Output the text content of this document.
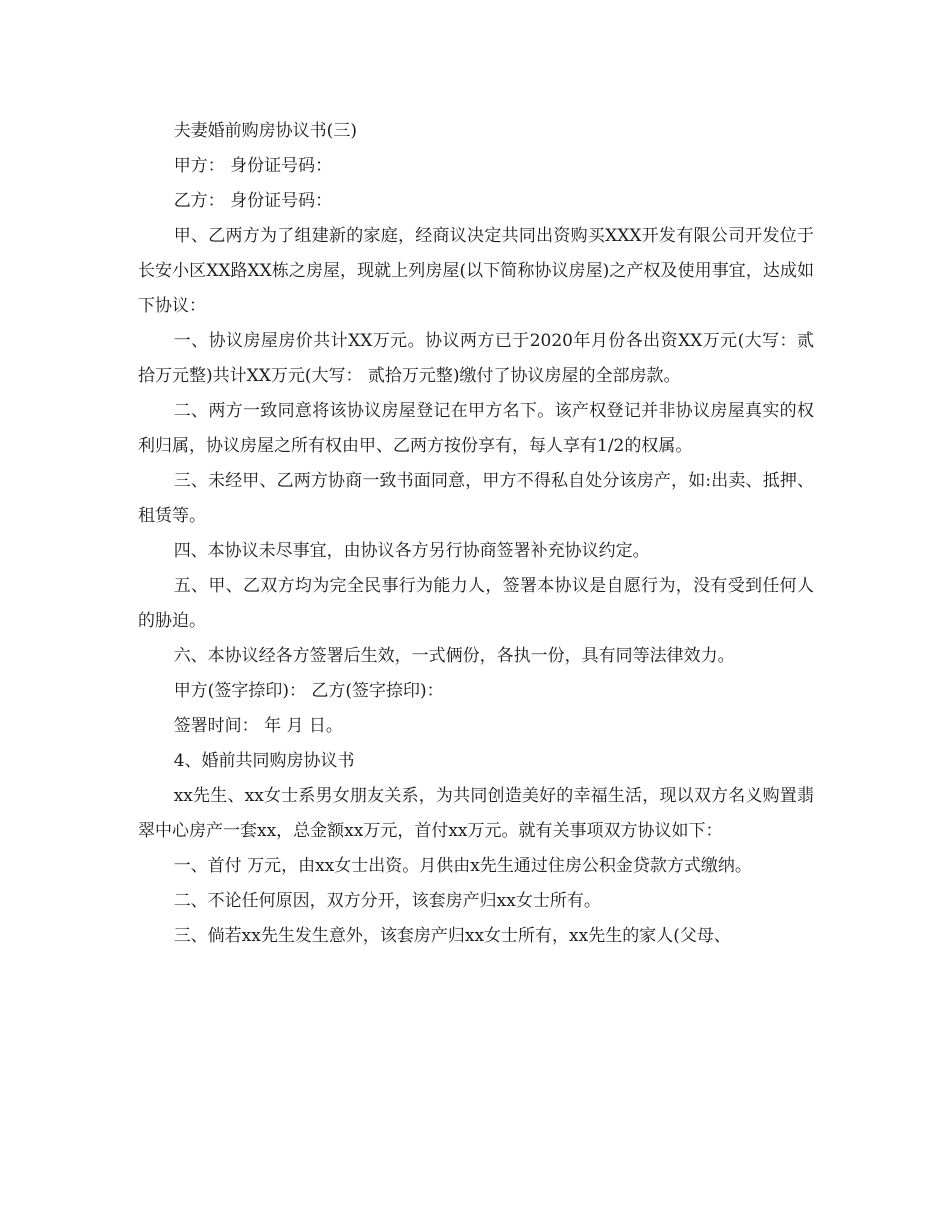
夫妻婚前购房协议书(三)

甲方： 身份证号码：

乙方： 身份证号码：

甲、乙两方为了组建新的家庭，经商议决定共同出资购买XXX开发有限公司开发位于长安小区XX路XX栋之房屋，现就上列房屋(以下简称协议房屋)之产权及使用事宜，达成如下协议：

一、协议房屋房价共计XX万元。协议两方已于2020年月份各出资XX万元(大写：贰拾万元整)共计XX万元(大写： 贰拾万元整)缴付了协议房屋的全部房款。

二、两方一致同意将该协议房屋登记在甲方名下。该产权登记并非协议房屋真实的权利归属，协议房屋之所有权由甲、乙两方按份享有，每人享有1/2的权属。

三、未经甲、乙两方协商一致书面同意，甲方不得私自处分该房产，如:出卖、抵押、租赁等。

四、本协议未尽事宜，由协议各方另行协商签署补充协议约定。

五、甲、乙双方均为完全民事行为能力人，签署本协议是自愿行为，没有受到任何人的胁迫。

六、本协议经各方签署后生效，一式俩份，各执一份，具有同等法律效力。

甲方(签字捺印)： 乙方(签字捺印)：

签署时间： 年 月 日。

4、婚前共同购房协议书

xx先生、xx女士系男女朋友关系，为共同创造美好的幸福生活，现以双方名义购置翡翠中心房产一套xx，总金额xx万元，首付xx万元。就有关事项双方协议如下：

一、首付 万元，由xx女士出资。月供由x先生通过住房公积金贷款方式缴纳。

二、不论任何原因，双方分开，该套房产归xx女士所有。

三、倘若xx先生发生意外，该套房产归xx女士所有，xx先生的家人(父母、
